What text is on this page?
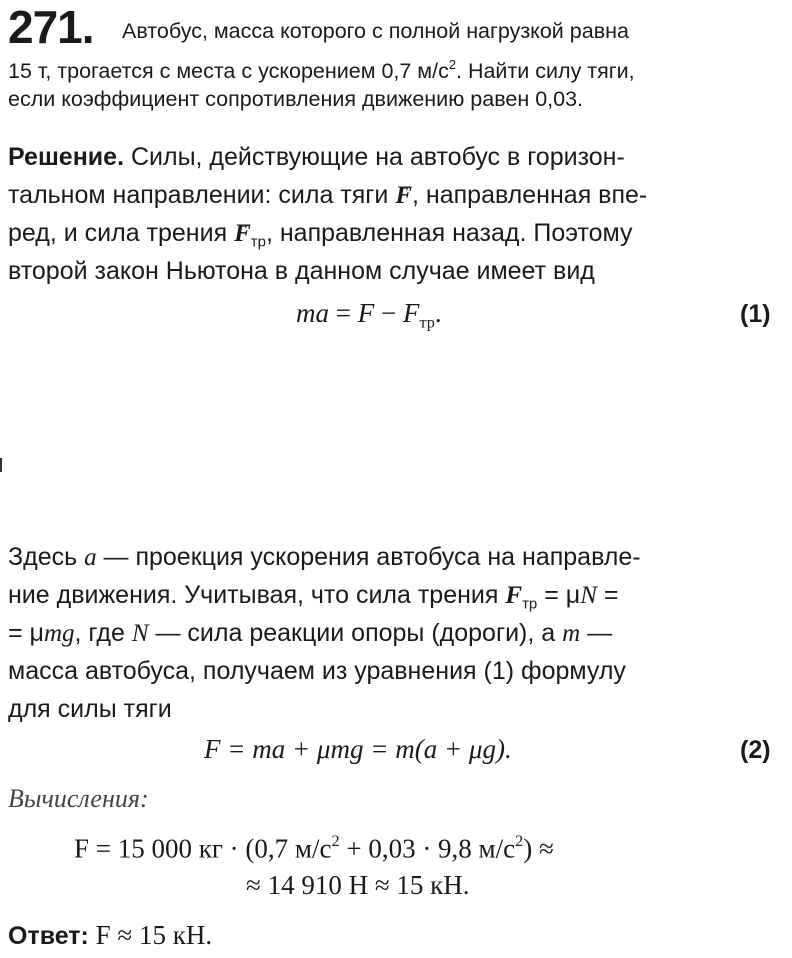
271. Автобус, масса которого с полной нагрузкой равна
15 т, трогается с места с ускорением 0,7 $м/с^2$. Найти силу тяги,
если коэффициент сопротивления движению равен 0,03.
Решение. Силы, действующие на автобус в горизон-
тальном направлении: сила тяги → F, направленная впе-
ред, и сила трения → $F_{тр}$, направленная назад. Поэтому
второй закон Ньютона в данном случае имеет вид
ma = $F - F_{тр}$.	(1)
Здесь a — проекция ускорения автобуса на направле-
ние движения. Учитывая, что сила трения $F_{тр} = \mu N$ =
= μmg, где N — сила реакции опоры (дороги), а m —
масса автобуса, получаем из уравнения (1) формулу
для силы тяги
F = ma + μmg = m(a + μg).	(2)
Вычисления:
F = 15 000 кг · (0,7 $м/с^2 + 0,03 \cdot 9,8$ $м/с^2$) ≈
≈ 14 910 Н ≈ 15 кН.
Ответ: F ≈ 15 кН.
